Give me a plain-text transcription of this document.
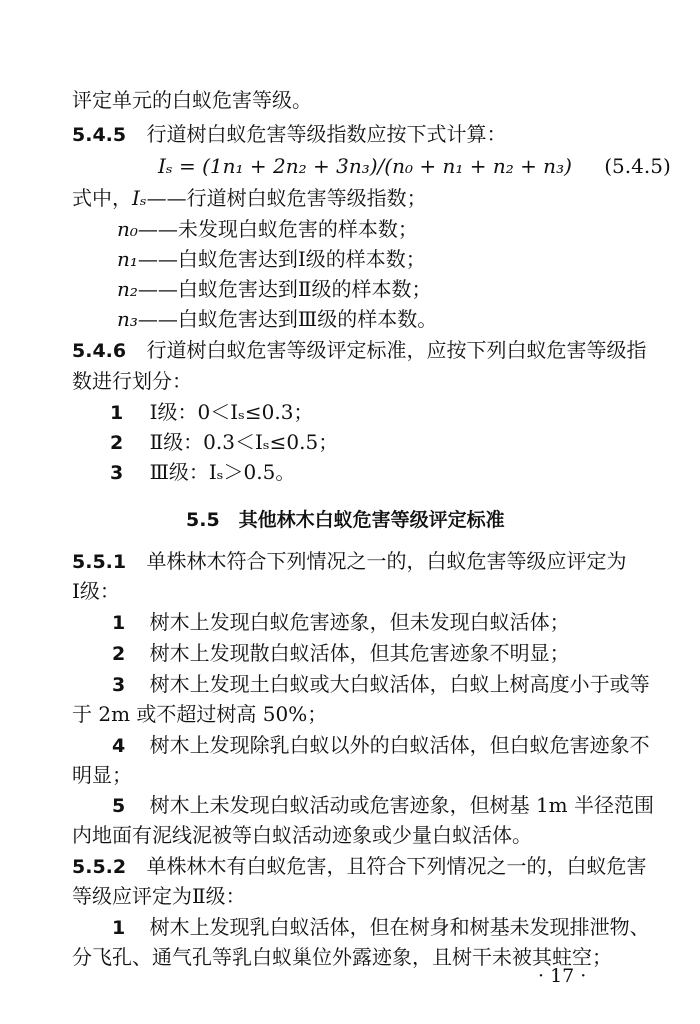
评定单元的白蚁危害等级。
5.4.5 行道树白蚁危害等级指数应按下式计算：
Iₛ = (1n₁ + 2n₂ + 3n₃)/(n₀ + n₁ + n₂ + n₃) (5.4.5)
式中，Iₛ——行道树白蚁危害等级指数；
n₀——未发现白蚁危害的样本数；
n₁——白蚁危害达到Ⅰ级的样本数；
n₂——白蚁危害达到Ⅱ级的样本数；
n₃——白蚁危害达到Ⅲ级的样本数。
5.4.6 行道树白蚁危害等级评定标准，应按下列白蚁危害等级指
数进行划分：
1 Ⅰ级：0＜Iₛ≤0.3；
2 Ⅱ级：0.3＜Iₛ≤0.5；
3 Ⅲ级：Iₛ＞0.5。
5.5　其他林木白蚁危害等级评定标准
5.5.1 单株林木符合下列情况之一的，白蚁危害等级应评定为
Ⅰ级：
1 树木上发现白蚁危害迹象，但未发现白蚁活体；
2 树木上发现散白蚁活体，但其危害迹象不明显；
3 树木上发现土白蚁或大白蚁活体，白蚁上树高度小于或等
于 2m 或不超过树高 50%；
4 树木上发现除乳白蚁以外的白蚁活体，但白蚁危害迹象不
明显；
5 树木上未发现白蚁活动或危害迹象，但树基 1m 半径范围
内地面有泥线泥被等白蚁活动迹象或少量白蚁活体。
5.5.2 单株林木有白蚁危害，且符合下列情况之一的，白蚁危害
等级应评定为Ⅱ级：
1 树木上发现乳白蚁活体，但在树身和树基未发现排泄物、
分飞孔、通气孔等乳白蚁巢位外露迹象，且树干未被其蛀空；
· 17 ·
